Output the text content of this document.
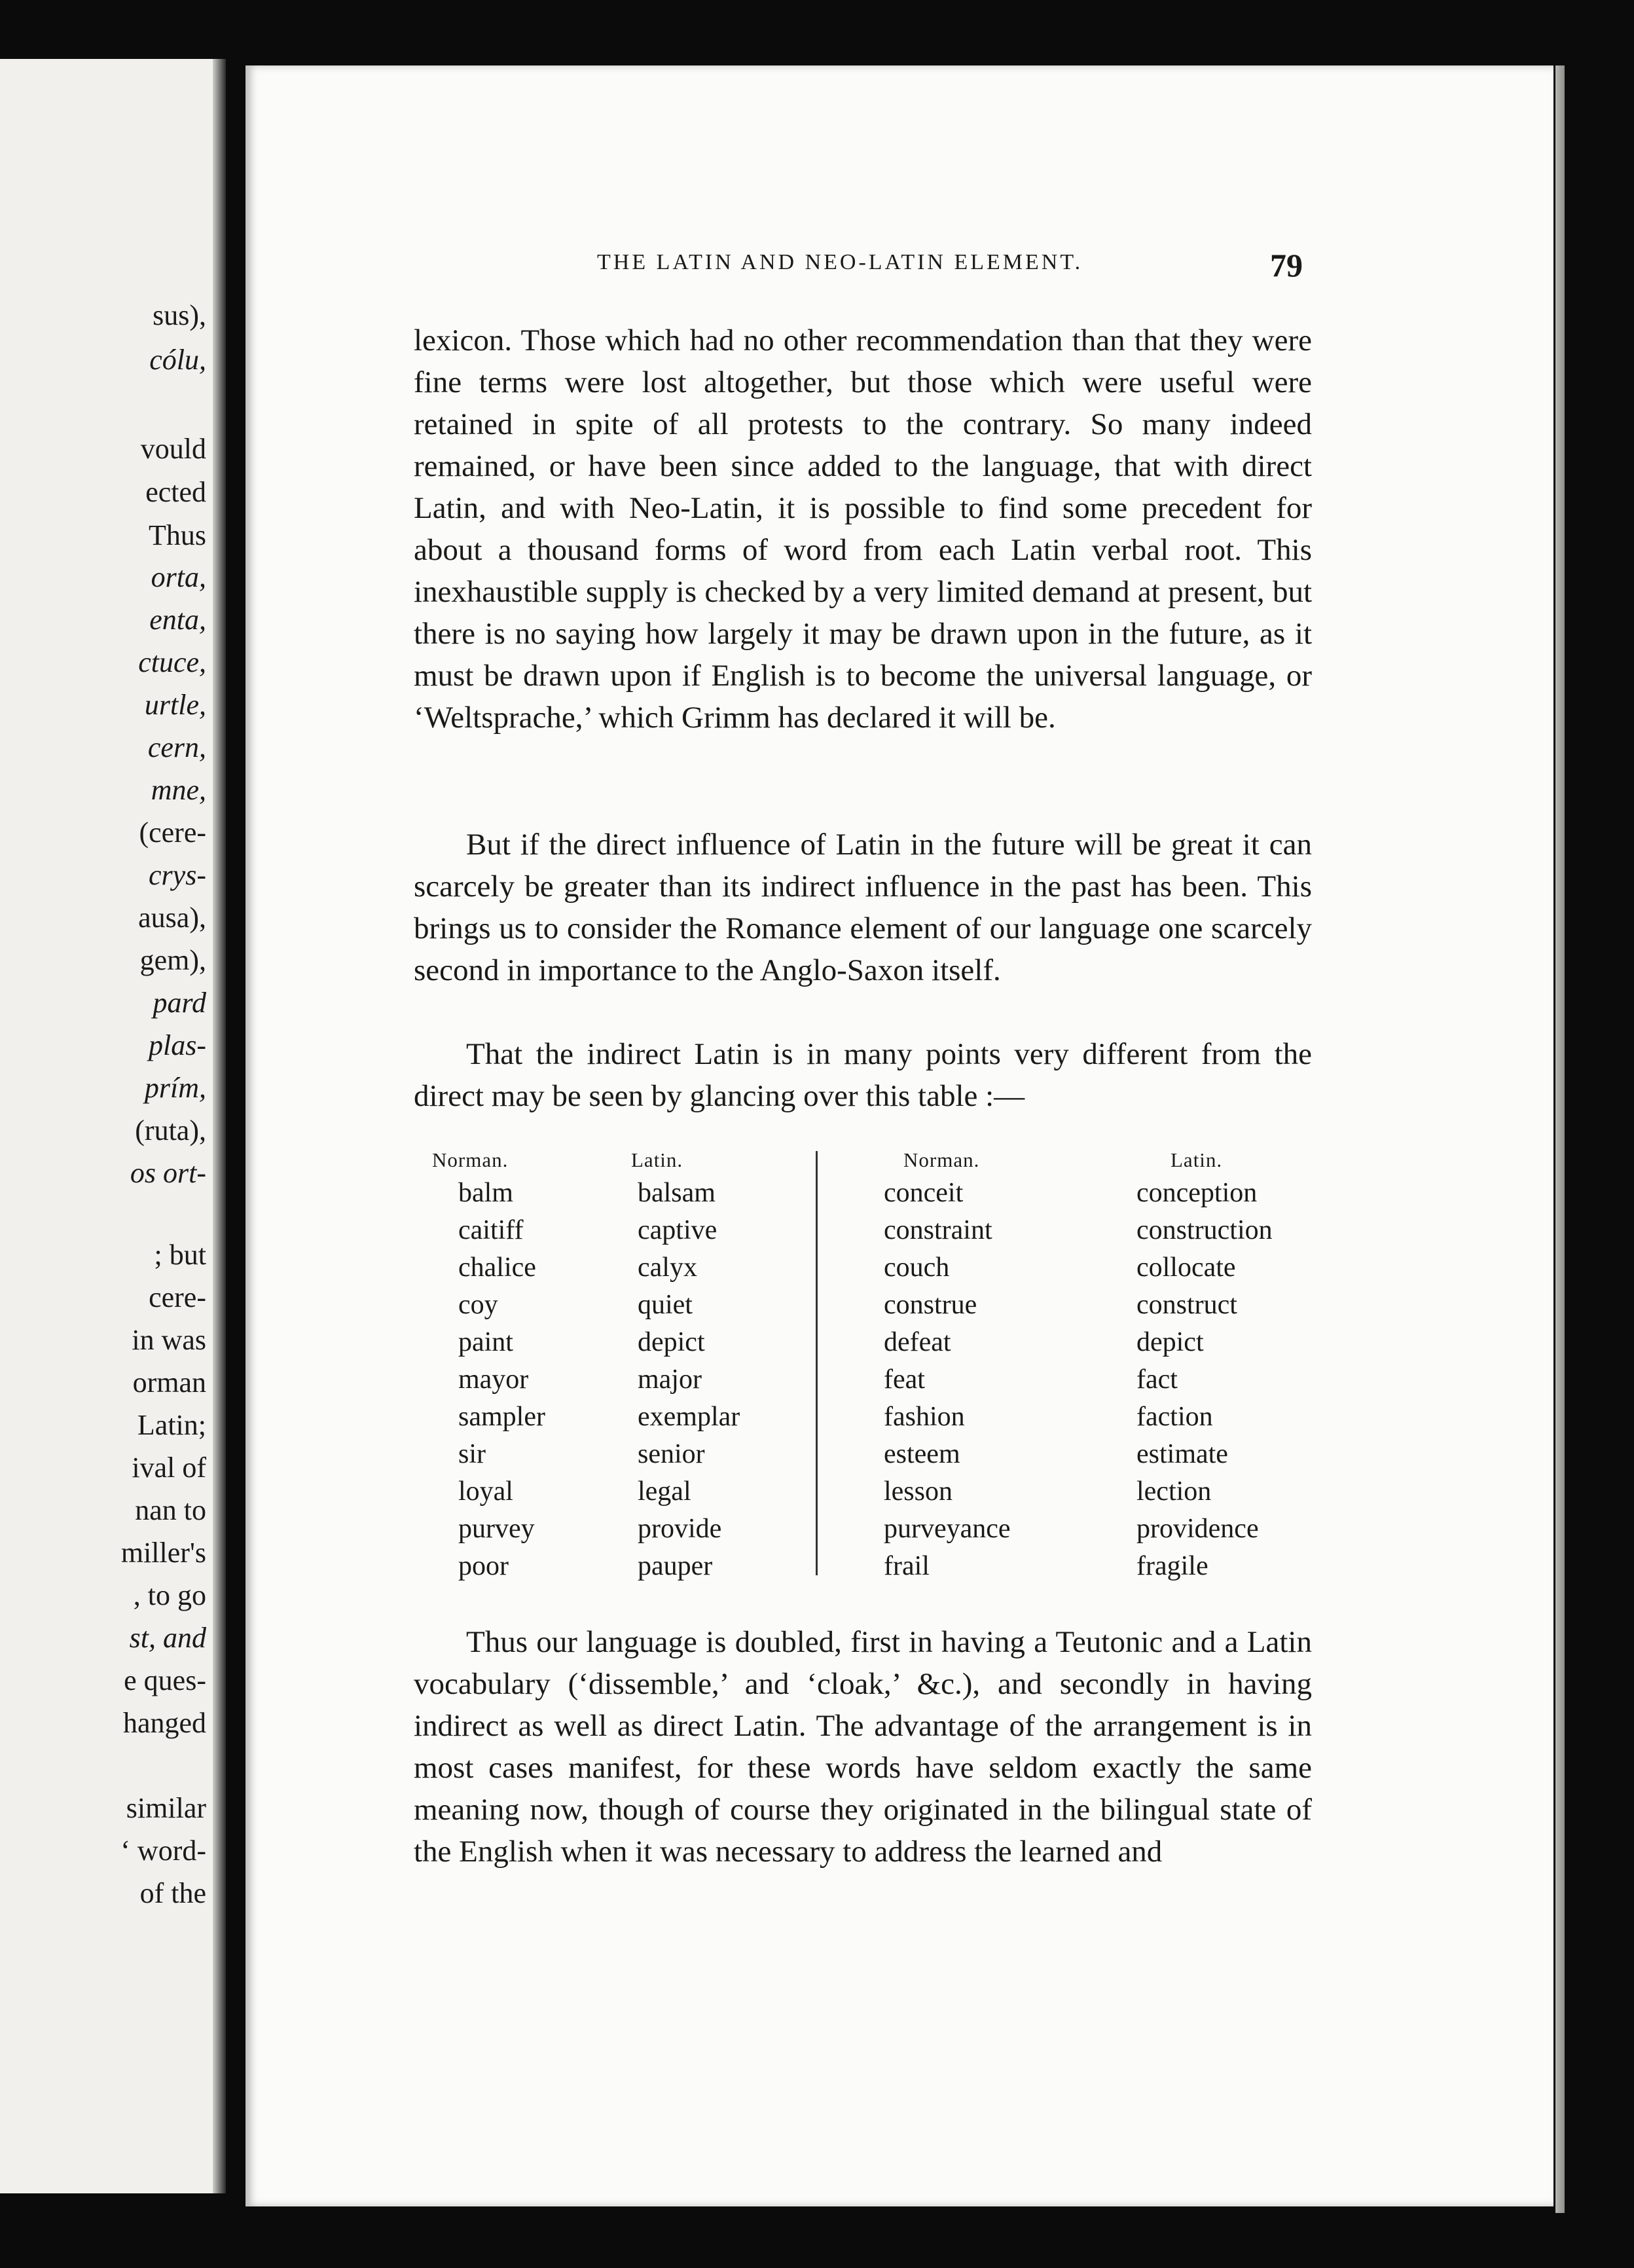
sus),
cólu,
vould
ected
Thus
orta,
enta,
ctuce,
urtle,
cern,
mne,
(cere-
crys-
ausa),
gem),
pard
plas-
prím,
(ruta),
os ort-
; but
cere-
in was
orman
Latin;
ival of
nan to
miller's
, to go
st, and
e ques-
hanged
similar
‘ word-
of the
THE LATIN AND NEO-LATIN ELEMENT.	79

lexicon. Those which had no other recommendation than that they were fine terms were lost altogether, but those which were useful were retained in spite of all protests to the contrary. So many indeed remained, or have been since added to the language, that with direct Latin, and with Neo-Latin, it is possible to find some precedent for about a thousand forms of word from each Latin verbal root. This inexhaustible supply is checked by a very limited demand at present, but there is no saying how largely it may be drawn upon in the future, as it must be drawn upon if English is to become the universal language, or ‘Weltsprache,’ which Grimm has declared it will be.

But if the direct influence of Latin in the future will be great it can scarcely be greater than its indirect influence in the past has been. This brings us to consider the Romance element of our language one scarcely second in importance to the Anglo-Saxon itself.

That the indirect Latin is in many points very different from the direct may be seen by glancing over this table :—

Norman.
balm
caitiff
chalice
coy
paint
mayor
sampler
sir
loyal
purvey
poor
Latin.
balsam
captive
calyx
quiet
depict
major
exemplar
senior
legal
provide
pauper
Norman.
conceit
constraint
couch
construe
defeat
feat
fashion
esteem
lesson
purveyance
frail
Latin.
conception
construction
collocate
construct
depict
fact
faction
estimate
lection
providence
fragile

Thus our language is doubled, first in having a Teutonic and a Latin vocabulary (‘dissemble,’ and ‘cloak,’ &c.), and secondly in having indirect as well as direct Latin. The advantage of the arrangement is in most cases manifest, for these words have seldom exactly the same meaning now, though of course they originated in the bilingual state of the English when it was necessary to address the learned and
